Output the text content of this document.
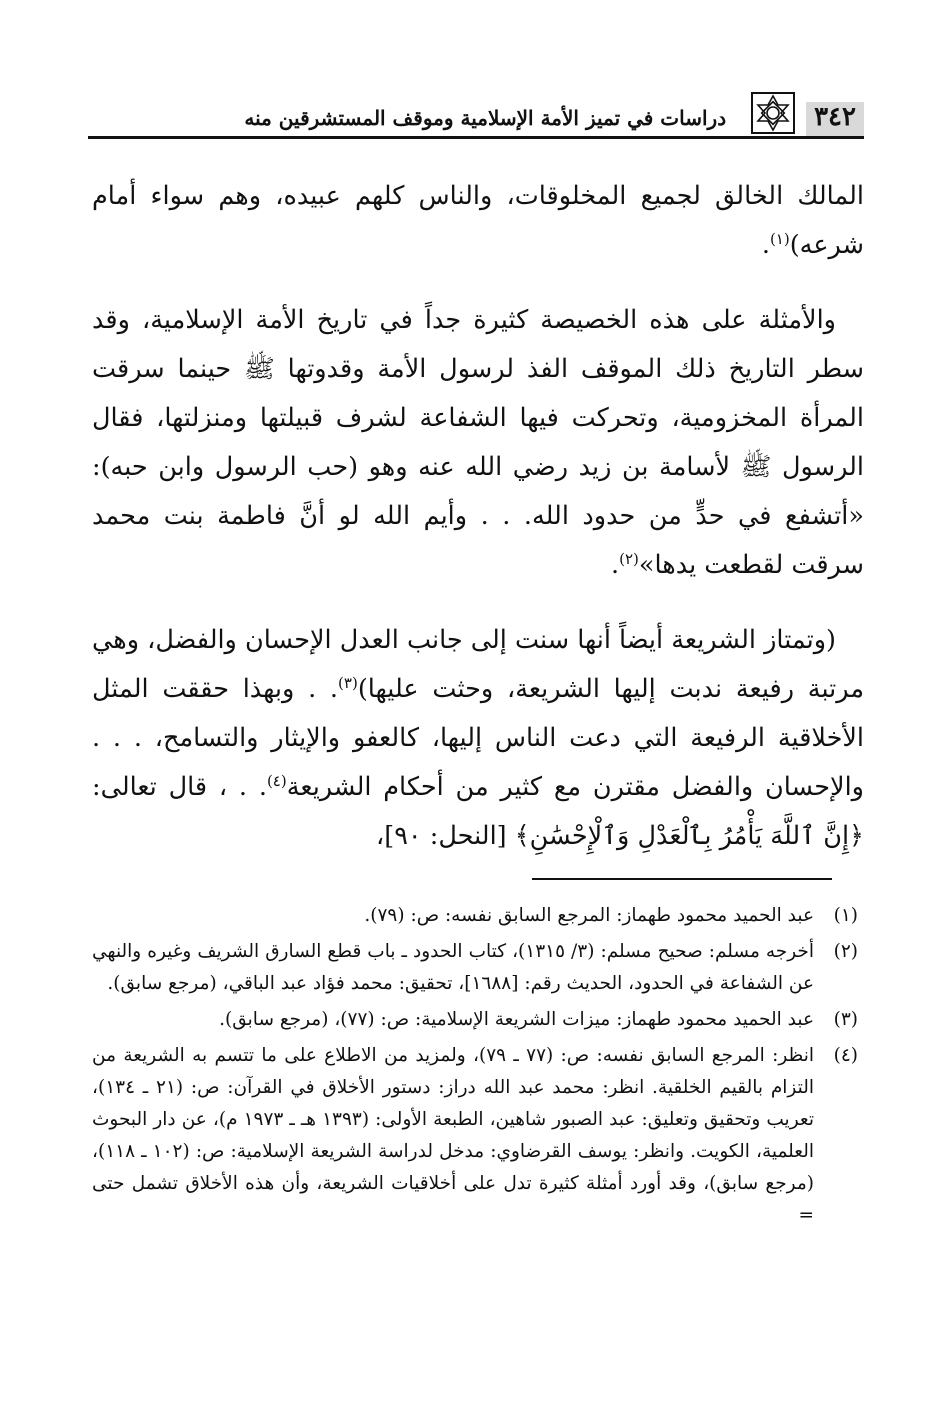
٣٤٢
دراسات في تميز الأمة الإسلامية وموقف المستشرقين منه

المالك الخالق لجميع المخلوقات، والناس كلهم عبيده، وهم سواء أمام شرعه)$^{(١)}$.

والأمثلة على هذه الخصيصة كثيرة جداً في تاريخ الأمة الإسلامية، وقد سطر التاريخ ذلك الموقف الفذ لرسول الأمة وقدوتها ﷺ حينما سرقت المرأة المخزومية، وتحركت فيها الشفاعة لشرف قبيلتها ومنزلتها، فقال الرسول ﷺ لأسامة بن زيد رضي الله عنه وهو (حب الرسول وابن حبه): «أتشفع في حدٍّ من حدود الله. . . وأيم الله لو أنَّ فاطمة بنت محمد سرقت لقطعت يدها»$^{(٢)}$.

(وتمتاز الشريعة أيضاً أنها سنت إلى جانب العدل الإحسان والفضل، وهي مرتبة رفيعة ندبت إليها الشريعة، وحثت عليها)$^{(٣)}$. . وبهذا حققت المثل الأخلاقية الرفيعة التي دعت الناس إليها، كالعفو والإيثار والتسامح، . . . والإحسان والفضل مقترن مع كثير من أحكام الشريعة$^{(٤)}$. . ، قال تعالى: ﴿إِنَّ ٱللَّهَ يَأْمُرُ بِٱلْعَدْلِ وَٱلْإِحْسَٰنِ﴾ [النحل: ٩٠]،

(١)
عبد الحميد محمود طهماز: المرجع السابق نفسه: ص: (٧٩).
(٢)
أخرجه مسلم: صحيح مسلم: (٣/ ١٣١٥)، كتاب الحدود ـ باب قطع السارق الشريف وغيره والنهي عن الشفاعة في الحدود، الحديث رقم: [١٦٨٨]، تحقيق: محمد فؤاد عبد الباقي، (مرجع سابق).
(٣)
عبد الحميد محمود طهماز: ميزات الشريعة الإسلامية: ص: (٧٧)، (مرجع سابق).
(٤)
انظر: المرجع السابق نفسه: ص: (٧٧ ـ ٧٩)، ولمزيد من الاطلاع على ما تتسم به الشريعة من التزام بالقيم الخلقية. انظر: محمد عبد الله دراز: دستور الأخلاق في القرآن: ص: (٢١ ـ ١٣٤)، تعريب وتحقيق وتعليق: عبد الصبور شاهين، الطبعة الأولى: (١٣٩٣ هـ ـ ١٩٧٣ م)، عن دار البحوث العلمية، الكويت. وانظر: يوسف القرضاوي: مدخل لدراسة الشريعة الإسلامية: ص: (١٠٢ ـ ١١٨)، (مرجع سابق)، وقد أورد أمثلة كثيرة تدل على أخلاقيات الشريعة، وأن هذه الأخلاق تشمل حتى =
